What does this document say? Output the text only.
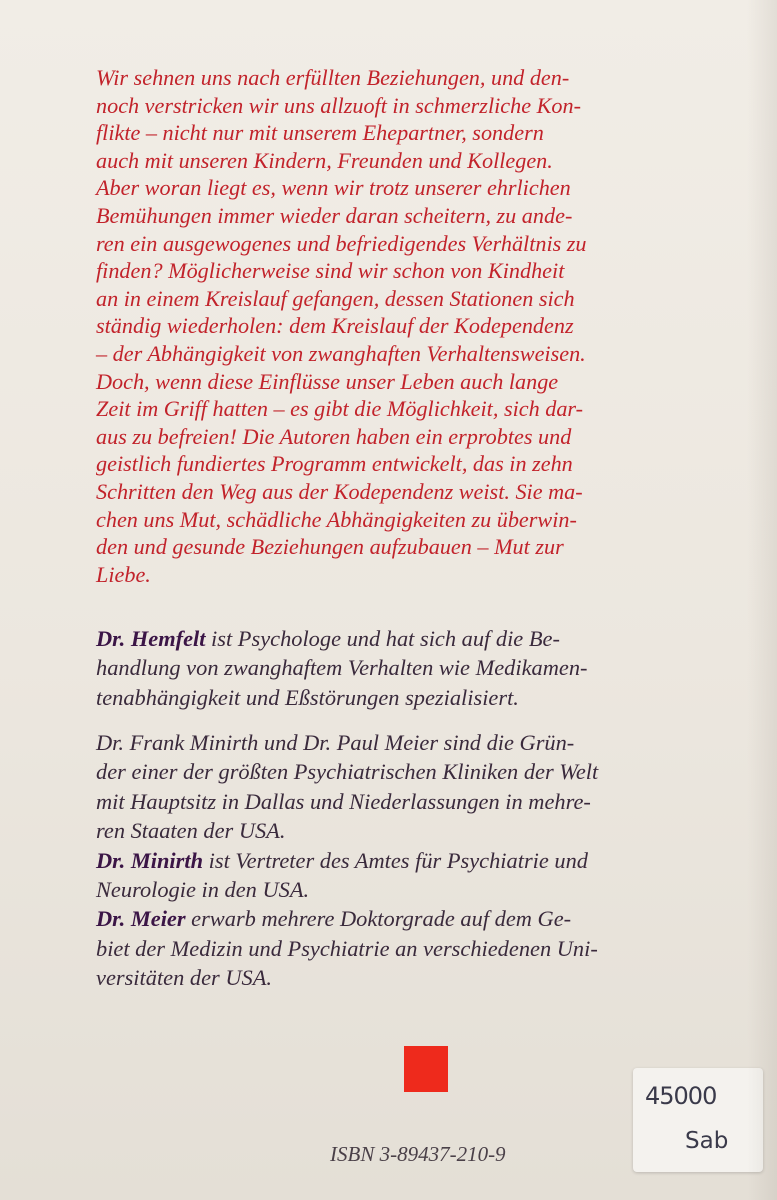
Wir sehnen uns nach erfüllten Beziehungen, und den-
noch verstricken wir uns allzuoft in schmerzliche Kon-
flikte – nicht nur mit unserem Ehepartner, sondern
auch mit unseren Kindern, Freunden und Kollegen.
Aber woran liegt es, wenn wir trotz unserer ehrlichen
Bemühungen immer wieder daran scheitern, zu ande-
ren ein ausgewogenes und befriedigendes Verhältnis zu
finden? Möglicherweise sind wir schon von Kindheit
an in einem Kreislauf gefangen, dessen Stationen sich
ständig wiederholen: dem Kreislauf der Kodependenz
– der Abhängigkeit von zwanghaften Verhaltensweisen.
Doch, wenn diese Einflüsse unser Leben auch lange
Zeit im Griff hatten – es gibt die Möglichkeit, sich dar-
aus zu befreien! Die Autoren haben ein erprobtes und
geistlich fundiertes Programm entwickelt, das in zehn
Schritten den Weg aus der Kodependenz weist. Sie ma-
chen uns Mut, schädliche Abhängigkeiten zu überwin-
den und gesunde Beziehungen aufzubauen – Mut zur
Liebe.
Dr. Hemfelt ist Psychologe und hat sich auf die Be-
handlung von zwanghaftem Verhalten wie Medikamen-
tenabhängigkeit und Eßstörungen spezialisiert.
Dr. Frank Minirth und Dr. Paul Meier sind die Grün-
der einer der größten Psychiatrischen Kliniken der Welt
mit Hauptsitz in Dallas und Niederlassungen in mehre-
ren Staaten der USA.
Dr. Minirth ist Vertreter des Amtes für Psychiatrie und
Neurologie in den USA.
Dr. Meier erwarb mehrere Doktorgrade auf dem Ge-
biet der Medizin und Psychiatrie an verschiedenen Uni-
versitäten der USA.
ISBN 3-89437-210-9
45000
Sab
